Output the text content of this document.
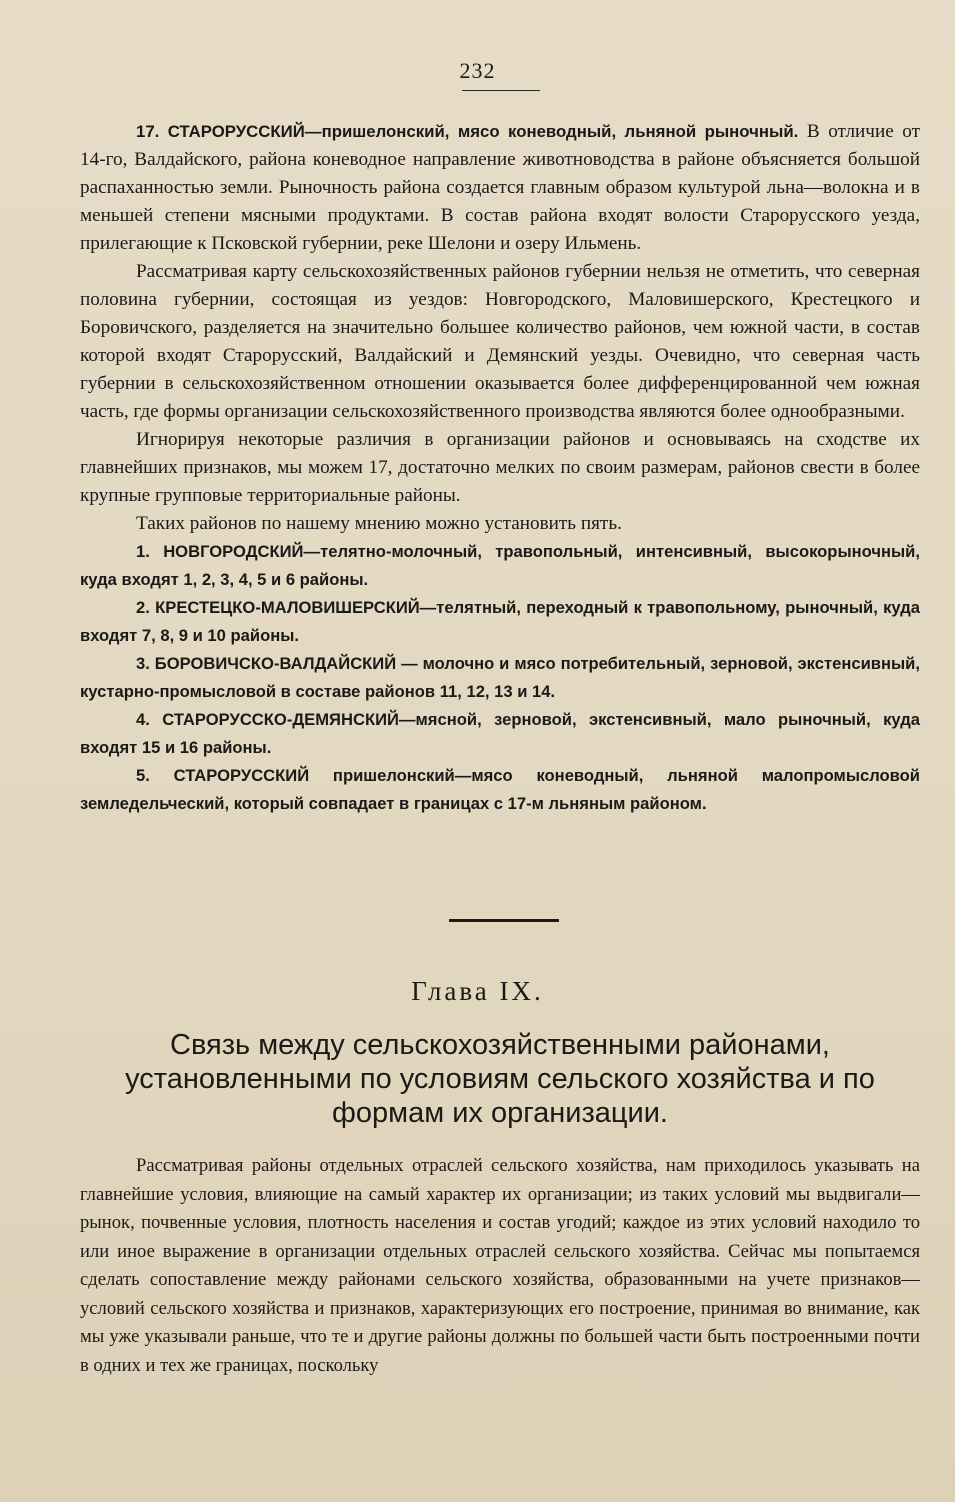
232

17. СТАРОРУССКИЙ—пришелонский, мясо коневодный, льняной рыночный. В отличие от 14-го, Валдайского, района коневодное направление животноводства в районе объясняется большой распаханностью земли. Рыночность района создается главным образом культурой льна—волокна и в меньшей степени мясными продуктами. В состав района входят волости Старорусского уезда, прилегающие к Псковской губернии, реке Шелони и озеру Ильмень.

Рассматривая карту сельскохозяйственных районов губернии нельзя не отметить, что северная половина губернии, состоящая из уездов: Новгородского, Маловишерского, Крестецкого и Боровичского, разделяется на значительно большее количество районов, чем южной части, в состав которой входят Старорусский, Валдайский и Демянский уезды. Очевидно, что северная часть губернии в сельскохозяйственном отношении оказывается более дифференцированной чем южная часть, где формы организации сельскохозяйственного производства являются более однообразными.

Игнорируя некоторые различия в организации районов и основываясь на сходстве их главнейших признаков, мы можем 17, достаточно мелких по своим размерам, районов свести в более крупные групповые территориальные районы.

Таких районов по нашему мнению можно установить пять.

1. НОВГОРОДСКИЙ—телятно-молочный, травопольный, интенсивный, высокорыночный, куда входят 1, 2, 3, 4, 5 и 6 районы.

2. КРЕСТЕЦКО-МАЛОВИШЕРСКИЙ—телятный, переходный к травопольному, рыночный, куда входят 7, 8, 9 и 10 районы.

3. БОРОВИЧСКО-ВАЛДАЙСКИЙ — молочно и мясо потребительный, зерновой, экстенсивный, кустарно-промысловой в составе районов 11, 12, 13 и 14.

4. СТАРОРУССКО-ДЕМЯНСКИЙ—мясной, зерновой, экстенсивный, мало рыночный, куда входят 15 и 16 районы.

5. СТАРОРУССКИЙ пришелонский—мясо коневодный, льняной малопромысловой земледельческий, который совпадает в границах с 17-м льняным районом.

Глава IX.
Связь между сельскохозяйственными районами, установленными по условиям сельского хозяйства и по формам их организации.

Рассматривая районы отдельных отраслей сельского хозяйства, нам приходилось указывать на главнейшие условия, влияющие на самый характер их организации; из таких условий мы выдвигали—рынок, почвенные условия, плотность населения и состав угодий; каждое из этих условий находило то или иное выражение в организации отдельных отраслей сельского хозяйства. Сейчас мы попытаемся сделать сопоставление между районами сельского хозяйства, образованными на учете признаков—условий сельского хозяйства и признаков, характеризующих его построение, принимая во внимание, как мы уже указывали раньше, что те и другие районы должны по большей части быть построенными почти в одних и тех же границах, поскольку
